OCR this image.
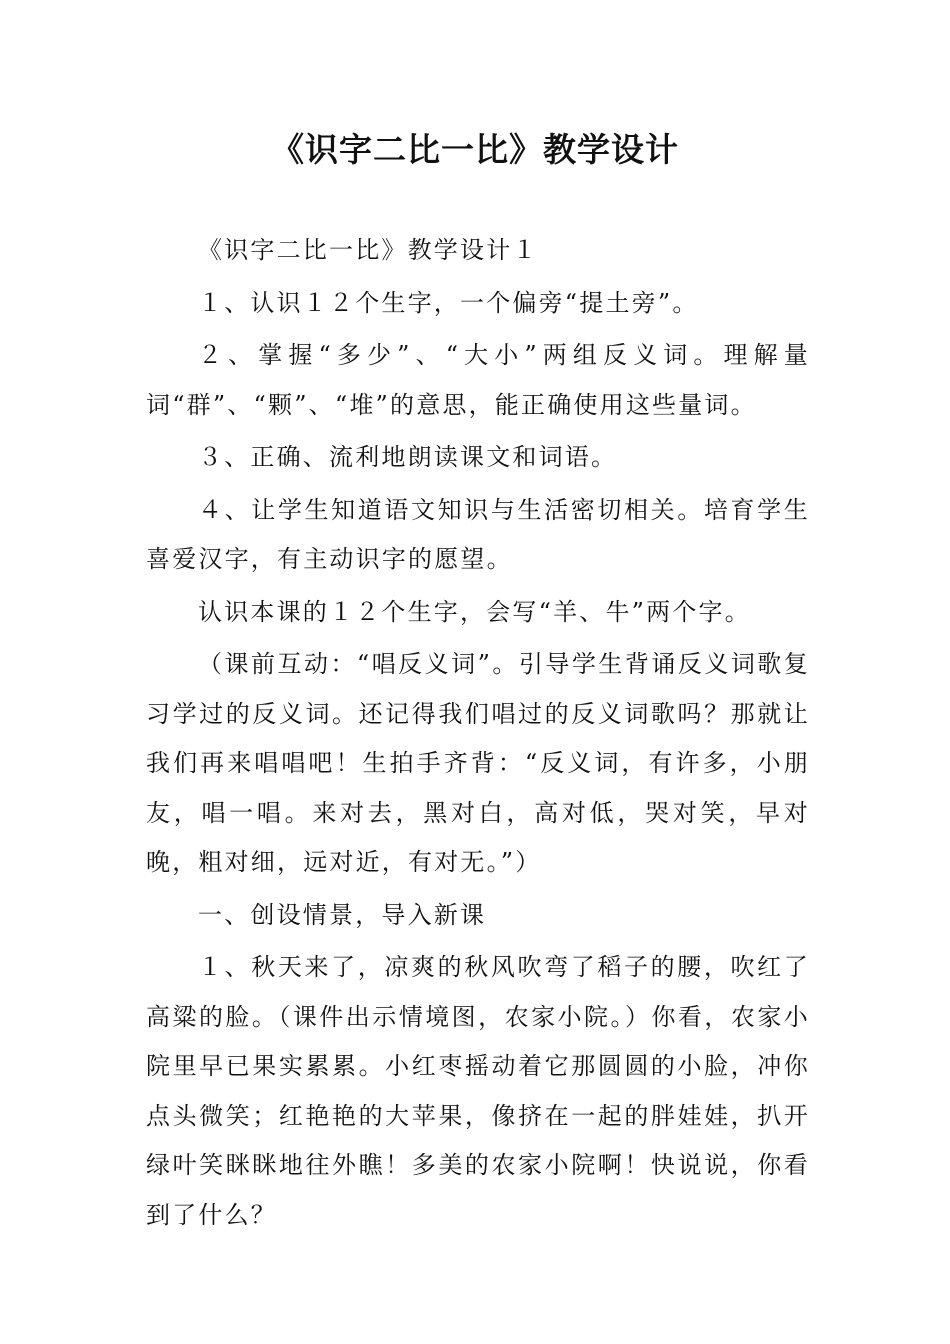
《识字二比一比》教学设计

《识字二比一比》教学设计１

１、认识１２个生字，一个偏旁“提土旁”。

２、掌握“多少”、“大小”两组反义词。理解量词“群”、“颗”、“堆”的意思，能正确使用这些量词。

３、正确、流利地朗读课文和词语。

４、让学生知道语文知识与生活密切相关。培育学生喜爱汉字，有主动识字的愿望。

认识本课的１２个生字，会写“羊、牛”两个字。

（课前互动：“唱反义词”。引导学生背诵反义词歌复习学过的反义词。还记得我们唱过的反义词歌吗？那就让我们再来唱唱吧！生拍手齐背：“反义词，有许多，小朋友，唱一唱。来对去，黑对白，高对低，哭对笑，早对晚，粗对细，远对近，有对无。”）

一、创设情景，导入新课

１、秋天来了，凉爽的秋风吹弯了稻子的腰，吹红了高粱的脸。（课件出示情境图，农家小院。）你看，农家小院里早已果实累累。小红枣摇动着它那圆圆的小脸，冲你点头微笑；红艳艳的大苹果，像挤在一起的胖娃娃，扒开绿叶笑眯眯地往外瞧！多美的农家小院啊！快说说，你看到了什么？
